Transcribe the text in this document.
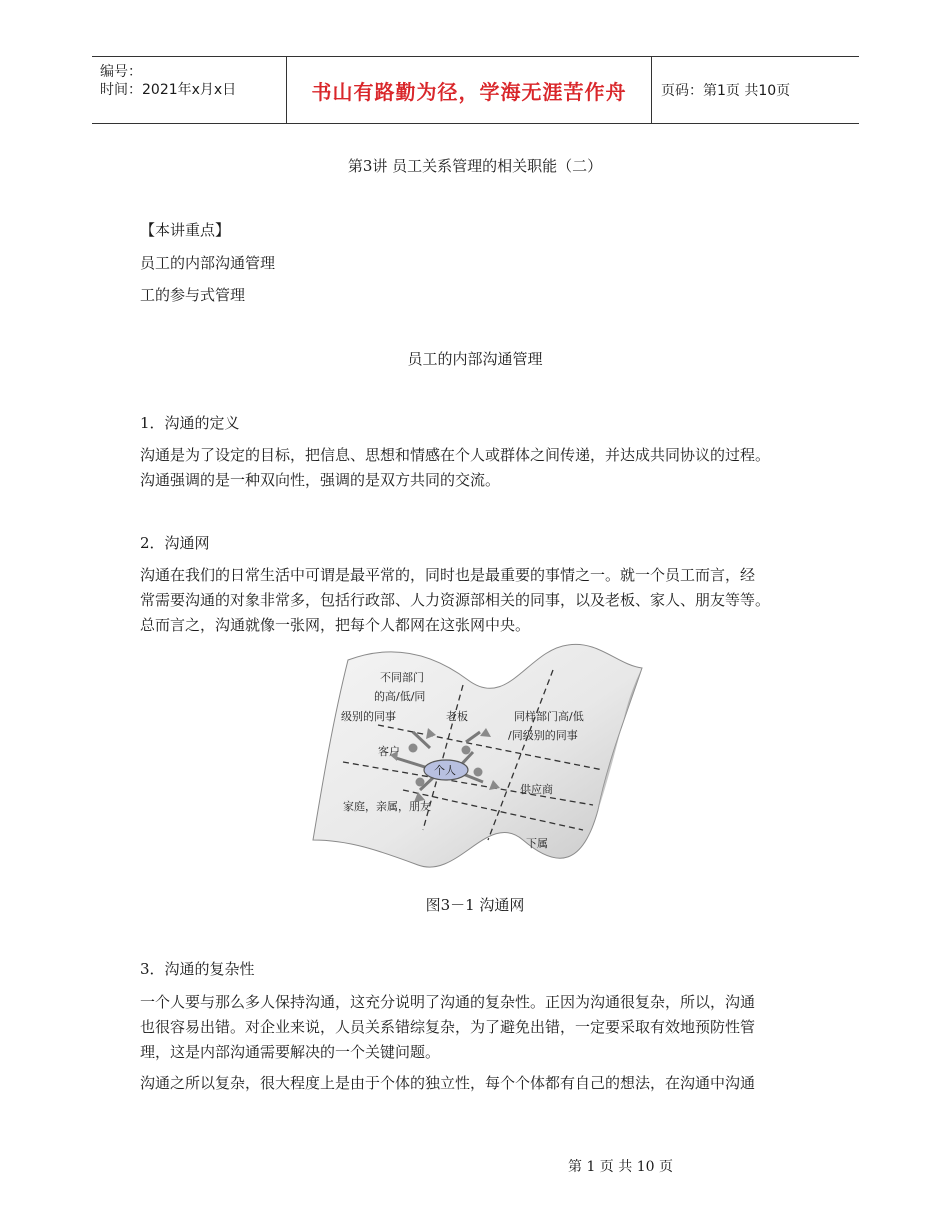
编号：
时间：2021年x月x日	书山有路勤为径，学海无涯苦作舟 页码：第1页 共10页
第3讲 员工关系管理的相关职能（二）
【本讲重点】
员工的内部沟通管理
工的参与式管理
员工的内部沟通管理
1．沟通的定义

沟通是为了设定的目标，把信息、思想和情感在个人或群体之间传递，并达成共同协议的过程。

沟通强调的是一种双向性，强调的是双方共同的交流。

2．沟通网

沟通在我们的日常生活中可谓是最平常的，同时也是最重要的事情之一。就一个员工而言，经

常需要沟通的对象非常多，包括行政部、人力资源部相关的同事，以及老板、家人、朋友等等。

总而言之，沟通就像一张网，把每个人都网在这张网中央。

不同部门
的高/低/同
级别的同事	老板	同样部门高/低
/同级别的同事
客户
个人
供应商
家庭，亲属，朋友
下属
图3－1 沟通网
3．沟通的复杂性

一个人要与那么多人保持沟通，这充分说明了沟通的复杂性。正因为沟通很复杂，所以，沟通

也很容易出错。对企业来说，人员关系错综复杂，为了避免出错，一定要采取有效地预防性管

理，这是内部沟通需要解决的一个关键问题。

沟通之所以复杂，很大程度上是由于个体的独立性，每个个体都有自己的想法，在沟通中沟通

第 1 页 共 10 页
